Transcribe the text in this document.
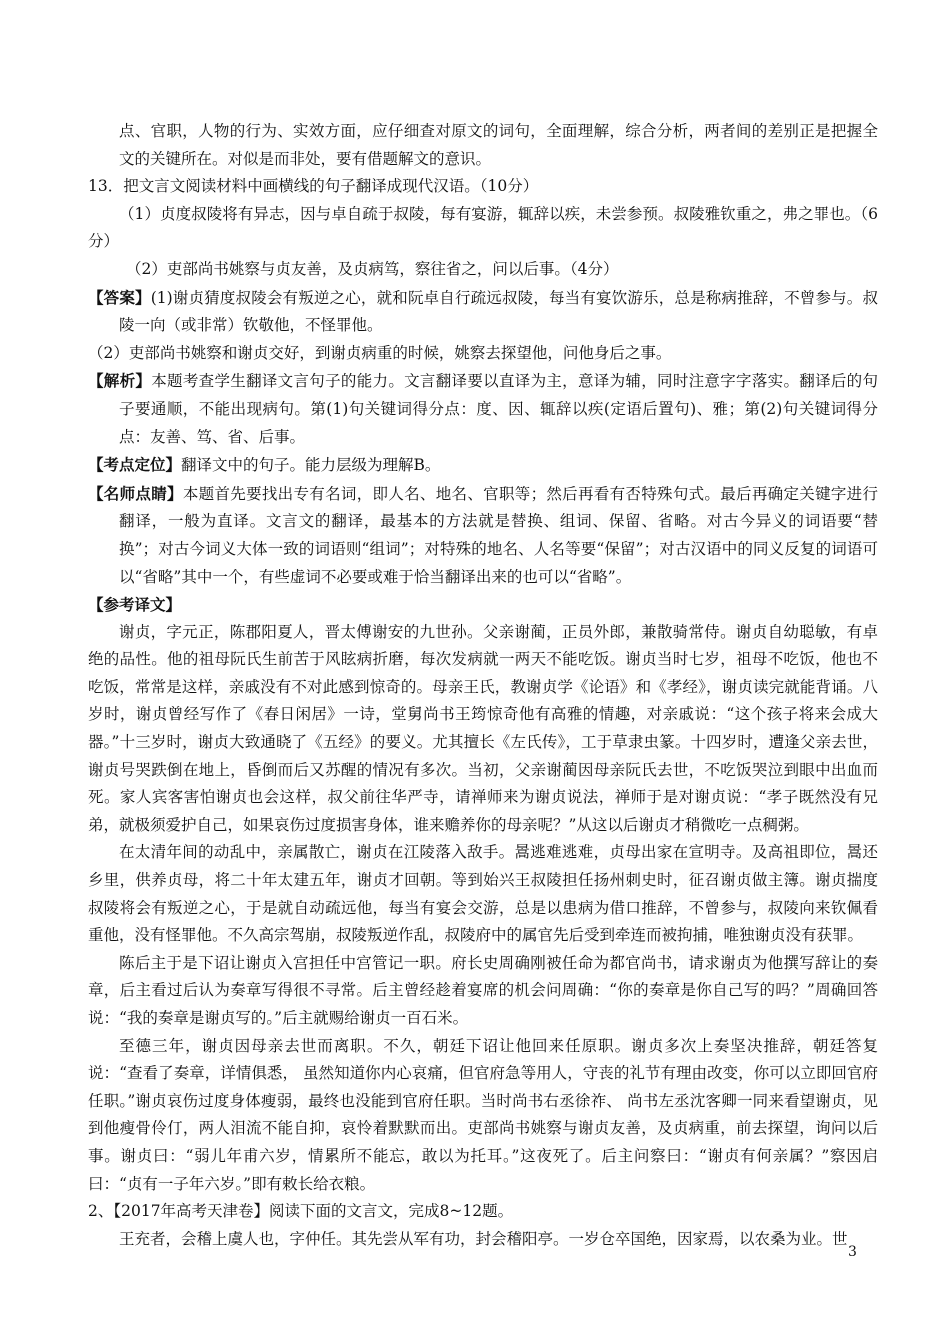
点、官职，人物的行为、实效方面，应仔细查对原文的词句，全面理解，综合分析，两者间的差别正是把握全文的关键所在。对似是而非处，要有借题解文的意识。

13．把文言文阅读材料中画横线的句子翻译成现代汉语。（10分）

（1）贞度叔陵将有异志，因与卓自疏于叔陵，每有宴游，辄辞以疾，未尝参预。叔陵雅钦重之，弗之罪也。（6分）

（2）吏部尚书姚察与贞友善，及贞病笃，察往省之，问以后事。（4分）

【答案】(1)谢贞猜度叔陵会有叛逆之心，就和阮卓自行疏远叔陵，每当有宴饮游乐，总是称病推辞，不曾参与。叔陵一向（或非常）钦敬他，不怪罪他。

（2）吏部尚书姚察和谢贞交好，到谢贞病重的时候，姚察去探望他，问他身后之事。

【解析】本题考查学生翻译文言句子的能力。文言翻译要以直译为主，意译为辅，同时注意字字落实。翻译后的句子要通顺，不能出现病句。第(1)句关键词得分点：度、因、辄辞以疾(定语后置句)、雅；第(2)句关键词得分点：友善、笃、省、后事。

【考点定位】翻译文中的句子。能力层级为理解B。

【名师点睛】本题首先要找出专有名词，即人名、地名、官职等；然后再看有否特殊句式。最后再确定关键字进行翻译，一般为直译。文言文的翻译，最基本的方法就是替换、组词、保留、省略。对古今异义的词语要“替换”；对古今词义大体一致的词语则“组词”；对特殊的地名、人名等要“保留”；对古汉语中的同义反复的词语可以“省略”其中一个，有些虚词不必要或难于恰当翻译出来的也可以“省略”。

【参考译文】

谢贞，字元正，陈郡阳夏人，晋太傅谢安的九世孙。父亲谢蔺，正员外郎，兼散骑常侍。谢贞自幼聪敏，有卓绝的品性。他的祖母阮氏生前苦于风眩病折磨，每次发病就一两天不能吃饭。谢贞当时七岁，祖母不吃饭，他也不吃饭，常常是这样，亲戚没有不对此感到惊奇的。母亲王氏，教谢贞学《论语》和《孝经》，谢贞读完就能背诵。八岁时，谢贞曾经写作了《春日闲居》一诗，堂舅尚书王筠惊奇他有高雅的情趣，对亲戚说：“这个孩子将来会成大器。”十三岁时，谢贞大致通晓了《五经》的要义。尤其擅长《左氏传》，工于草隶虫篆。十四岁时，遭逢父亲去世，谢贞号哭跌倒在地上，昏倒而后又苏醒的情况有多次。当初，父亲谢蔺因母亲阮氏去世，不吃饭哭泣到眼中出血而死。家人宾客害怕谢贞也会这样，叔父前往华严寺，请禅师来为谢贞说法，禅师于是对谢贞说：“孝子既然没有兄弟，就极须爱护自己，如果哀伤过度损害身体，谁来赡养你的母亲呢？”从这以后谢贞才稍微吃一点稠粥。

在太清年间的动乱中，亲属散亡，谢贞在江陵落入敌手。暠逃难逃难，贞母出家在宣明寺。及高祖即位，暠还乡里，供养贞母，将二十年太建五年，谢贞才回朝。等到始兴王叔陵担任扬州刺史时，征召谢贞做主簿。谢贞揣度叔陵将会有叛逆之心，于是就自动疏远他，每当有宴会交游，总是以患病为借口推辞，不曾参与，叔陵向来钦佩看重他，没有怪罪他。不久高宗驾崩，叔陵叛逆作乱，叔陵府中的属官先后受到牵连而被拘捕，唯独谢贞没有获罪。

陈后主于是下诏让谢贞入宫担任中宫管记一职。府长史周确刚被任命为都官尚书，请求谢贞为他撰写辞让的奏章，后主看过后认为奏章写得很不寻常。后主曾经趁着宴席的机会问周确：“你的奏章是你自己写的吗？”周确回答说：“我的奏章是谢贞写的。”后主就赐给谢贞一百石米。

至德三年，谢贞因母亲去世而离职。不久，朝廷下诏让他回来任原职。谢贞多次上奏坚决推辞，朝廷答复说：“查看了奏章，详情俱悉， 虽然知道你内心哀痛，但官府急等用人，守丧的礼节有理由改变，你可以立即回官府任职。”谢贞哀伤过度身体瘦弱，最终也没能到官府任职。当时尚书右丞徐祚、 尚书左丞沈客卿一同来看望谢贞，见到他瘦骨伶仃，两人泪流不能自抑，哀怜着默默而出。吏部尚书姚察与谢贞友善，及贞病重，前去探望，询问以后事。谢贞曰：“弱儿年甫六岁，情累所不能忘，敢以为托耳。”这夜死了。后主问察曰：“谢贞有何亲属？”察因启曰：“贞有一子年六岁。”即有敕长给衣粮。

2、【2017年高考天津卷】阅读下面的文言文，完成8~12题。

王充者，会稽上虞人也，字仲任。其先尝从军有功，封会稽阳亭。一岁仓卒国绝，因家焉，以农桑为业。世

3
